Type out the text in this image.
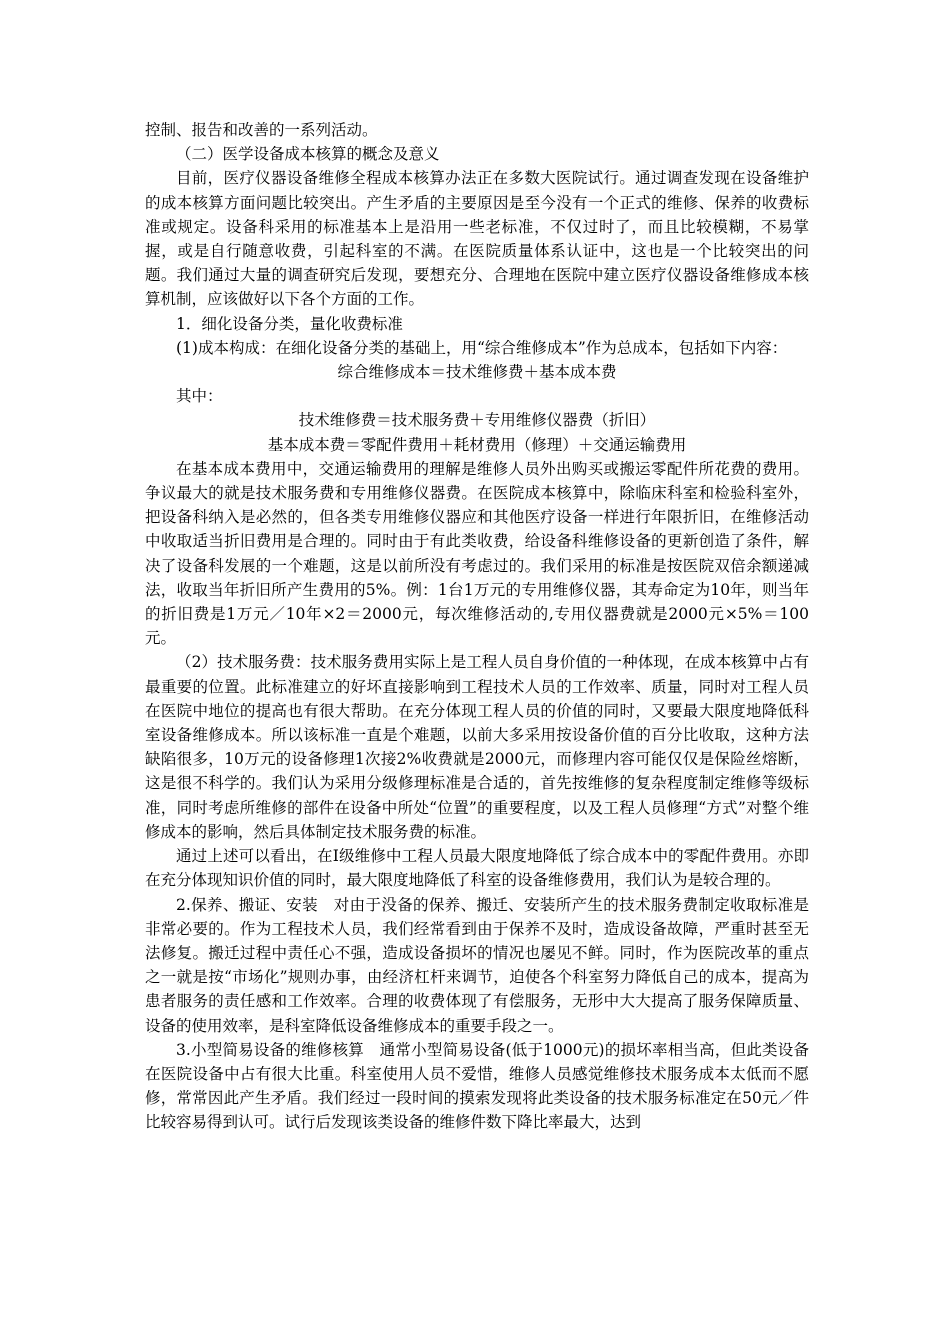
控制、报告和改善的一系列活动。

（二）医学设备成本核算的概念及意义

目前，医疗仪器设备维修全程成本核算办法正在多数大医院试行。通过调查发现在设备维护的成本核算方面问题比较突出。产生矛盾的主要原因是至今没有一个正式的维修、保养的收费标准或规定。设备科采用的标准基本上是沿用一些老标准，不仅过时了，而且比较模糊，不易掌握，或是自行随意收费，引起科室的不满。在医院质量体系认证中，这也是一个比较突出的问题。我们通过大量的调查研究后发现，要想充分、合理地在医院中建立医疗仪器设备维修成本核算机制，应该做好以下各个方面的工作。

1．细化设备分类，量化收费标准

(1)成本构成：在细化设备分类的基础上，用“综合维修成本”作为总成本，包括如下内容：

综合维修成本＝技术维修费＋基本成本费

其中：

技术维修费＝技术服务费＋专用维修仪器费（折旧）

基本成本费＝零配件费用＋耗材费用（修理）＋交通运输费用

在基本成本费用中，交通运输费用的理解是维修人员外出购买或搬运零配件所花费的费用。争议最大的就是技术服务费和专用维修仪器费。在医院成本核算中，除临床科室和检验科室外，把设备科纳入是必然的，但各类专用维修仪器应和其他医疗设备一样进行年限折旧，在维修活动中收取适当折旧费用是合理的。同时由于有此类收费，给设备科维修设备的更新创造了条件，解决了设备科发展的一个难题，这是以前所没有考虑过的。我们采用的标准是按医院双倍余额递减法，收取当年折旧所产生费用的5%。例：1台1万元的专用维修仪器，其寿命定为10年，则当年的折旧费是1万元／10年×2＝2000元，每次维修活动的,专用仪器费就是2000元×5%＝100元。

（2）技术服务费：技术服务费用实际上是工程人员自身价值的一种体现，在成本核算中占有最重要的位置。此标准建立的好坏直接影响到工程技术人员的工作效率、质量，同时对工程人员在医院中地位的提高也有很大帮助。在充分体现工程人员的价值的同时，又要最大限度地降低科室设备维修成本。所以该标准一直是个难题，以前大多采用按设备价值的百分比收取，这种方法缺陷很多，10万元的设备修理1次接2%收费就是2000元，而修理内容可能仅仅是保险丝熔断，这是很不科学的。我们认为采用分级修理标准是合适的，首先按维修的复杂程度制定维修等级标准，同时考虑所维修的部件在设备中所处“位置”的重要程度，以及工程人员修理“方式”对整个维修成本的影响，然后具体制定技术服务费的标准。

通过上述可以看出，在Ⅰ级维修中工程人员最大限度地降低了综合成本中的零配件费用。亦即在充分体现知识价值的同时，最大限度地降低了科室的设备维修费用，我们认为是较合理的。

2.保养、搬证、安装　对由于没备的保养、搬迁、安装所产生的技术服务费制定收取标准是非常必要的。作为工程技术人员，我们经常看到由于保养不及时，造成设备故障，严重时甚至无法修复。搬迁过程中责任心不强，造成设备损坏的情况也屡见不鲜。同时，作为医院改革的重点之一就是按“市场化”规则办事，由经济杠杆来调节，迫使各个科室努力降低自己的成本，提高为患者服务的责任感和工作效率。合理的收费体现了有偿服务，无形中大大提高了服务保障质量、设备的使用效率，是科室降低设备维修成本的重要手段之一。

3.小型简易设备的维修核算　通常小型简易设备(低于1000元)的损坏率相当高，但此类设备在医院设备中占有很大比重。科室使用人员不爱惜，维修人员感觉维修技术服务成本太低而不愿修，常常因此产生矛盾。我们经过一段时间的摸索发现将此类设备的技术服务标准定在50元／件比较容易得到认可。试行后发现该类设备的维修件数下降比率最大，达到
